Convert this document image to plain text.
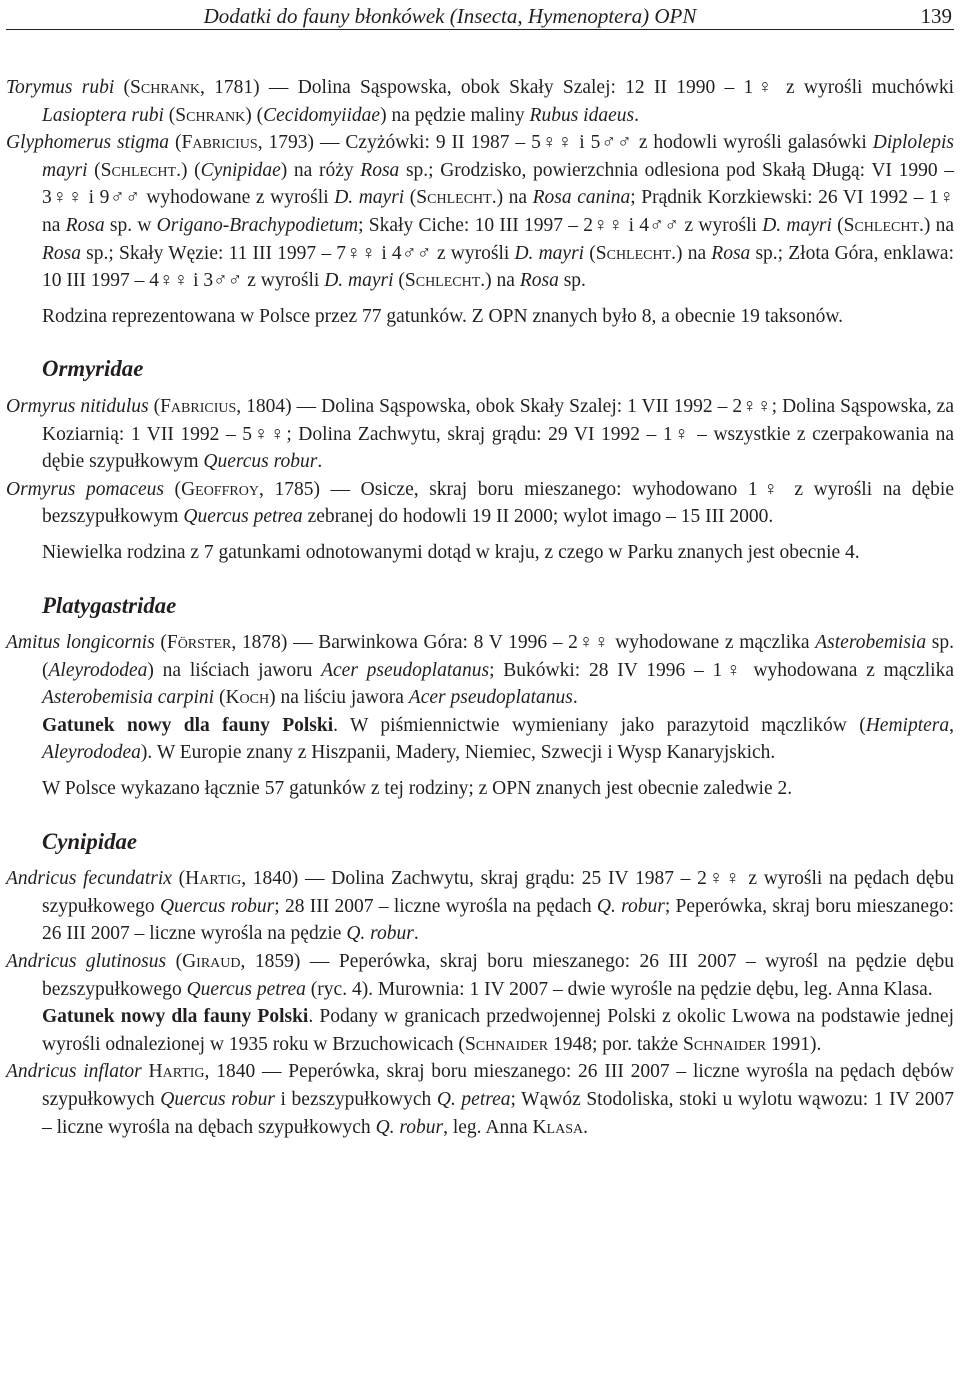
Dodatki do fauny błonkówek (Insecta, Hymenoptera) OPN	139

Torymus rubi (Schrank, 1781) — Dolina Sąspowska, obok Skały Szalej: 12 II 1990 – 1♀ z wyrośli muchówki Lasioptera rubi (Schrank) (Cecidomyiidae) na pędzie maliny Rubus idaeus.

Glyphomerus stigma (Fabricius, 1793) — Czyżówki: 9 II 1987 – 5♀♀ i 5♂♂ z hodowli wyrośli galasówki Diplolepis mayri (Schlecht.) (Cynipidae) na róży Rosa sp.; Grodzisko, powierzchnia odlesiona pod Skałą Długą: VI 1990 – 3♀♀ i 9♂♂ wyhodowane z wyrośli D. mayri (Schlecht.) na Rosa canina; Prądnik Korzkiewski: 26 VI 1992 – 1♀ na Rosa sp. w Origano-Brachypodietum; Skały Ciche: 10 III 1997 – 2♀♀ i 4♂♂ z wyrośli D. mayri (Schlecht.) na Rosa sp.; Skały Węzie: 11 III 1997 – 7♀♀ i 4♂♂ z wyrośli D. mayri (Schlecht.) na Rosa sp.; Złota Góra, enklawa: 10 III 1997 – 4♀♀ i 3♂♂ z wyrośli D. mayri (Schlecht.) na Rosa sp.

Rodzina reprezentowana w Polsce przez 77 gatunków. Z OPN znanych było 8, a obecnie 19 taksonów.

Ormyridae

Ormyrus nitidulus (Fabricius, 1804) — Dolina Sąspowska, obok Skały Szalej: 1 VII 1992 – 2♀♀; Dolina Sąspowska, za Koziarnią: 1 VII 1992 – 5♀♀; Dolina Zachwytu, skraj grądu: 29 VI 1992 – 1♀ – wszystkie z czerpakowania na dębie szypułkowym Quercus robur.

Ormyrus pomaceus (Geoffroy, 1785) — Osicze, skraj boru mieszanego: wyhodowano 1♀ z wyrośli na dębie bezszypułkowym Quercus petrea zebranej do hodowli 19 II 2000; wylot imago – 15 III 2000.

Niewielka rodzina z 7 gatunkami odnotowanymi dotąd w kraju, z czego w Parku znanych jest obecnie 4.

Platygastridae

Amitus longicornis (Förster, 1878) — Barwinkowa Góra: 8 V 1996 – 2♀♀ wyhodowane z mączlika Asterobemisia sp. (Aleyrododea) na liściach jaworu Acer pseudoplatanus; Bukówki: 28 IV 1996 – 1♀ wyhodowana z mączlika Asterobemisia carpini (Koch) na liściu jawora Acer pseudoplatanus.

Gatunek nowy dla fauny Polski. W piśmiennictwie wymieniany jako parazytoid mączlików (Hemiptera, Aleyrododea). W Europie znany z Hiszpanii, Madery, Niemiec, Szwecji i Wysp Kanaryjskich.

W Polsce wykazano łącznie 57 gatunków z tej rodziny; z OPN znanych jest obecnie zaledwie 2.

Cynipidae

Andricus fecundatrix (Hartig, 1840) — Dolina Zachwytu, skraj grądu: 25 IV 1987 – 2♀♀ z wyrośli na pędach dębu szypułkowego Quercus robur; 28 III 2007 – liczne wyrośla na pędach Q. robur; Peperówka, skraj boru mieszanego: 26 III 2007 – liczne wyrośla na pędzie Q. robur.

Andricus glutinosus (Giraud, 1859) — Peperówka, skraj boru mieszanego: 26 III 2007 – wyrośl na pędzie dębu bezszypułkowego Quercus petrea (ryc. 4). Murownia: 1 IV 2007 – dwie wyrośle na pędzie dębu, leg. Anna Klasa.

Gatunek nowy dla fauny Polski. Podany w granicach przedwojennej Polski z okolic Lwowa na podstawie jednej wyrośli odnalezionej w 1935 roku w Brzuchowicach (Schnaider 1948; por. także Schnaider 1991).

Andricus inflator Hartig, 1840 — Peperówka, skraj boru mieszanego: 26 III 2007 – liczne wyrośla na pędach dębów szypułkowych Quercus robur i bezszypułkowych Q. petrea; Wąwóz Stodoliska, stoki u wylotu wąwozu: 1 IV 2007 – liczne wyrośla na dębach szypułkowych Q. robur, leg. Anna Klasa.
